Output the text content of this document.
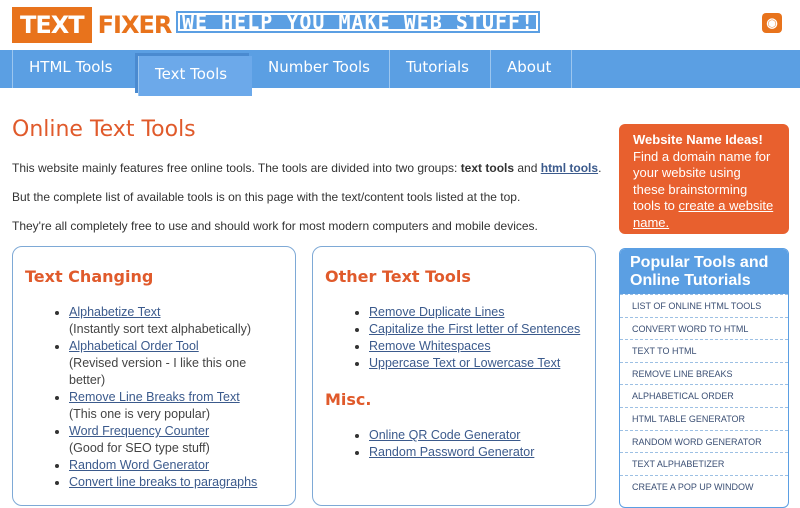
TEXT FIXER WE HELP YOU MAKE WEB STUFF!	◉
HTML Tools	Text Tools	Number Tools	Tutorials	About
Online Text Tools
This website mainly features free online tools. The tools are divided into two groups: text tools and html tools.
But the complete list of available tools is on this page with the text/content tools listed at the top.
They're all completely free to use and should work for most modern computers and mobile devices.
Text Changing
• Alphabetize Text
(Instantly sort text alphabetically)
• Alphabetical Order Tool
(Revised version - I like this one better)
• Remove Line Breaks from Text
(This one is very popular)
• Word Frequency Counter
(Good for SEO type stuff)
• Random Word Generator
• Convert line breaks to paragraphs
Other Text Tools
• Remove Duplicate Lines
• Capitalize the First letter of Sentences
• Remove Whitespaces
• Uppercase Text or Lowercase Text
Misc.
• Online QR Code Generator
• Random Password Generator
Website Name Ideas!
Find a domain name for your website using these brainstorming tools to create a website name.
Popular Tools and Online Tutorials
LIST OF ONLINE HTML TOOLS
CONVERT WORD TO HTML
TEXT TO HTML
REMOVE LINE BREAKS
ALPHABETICAL ORDER
HTML TABLE GENERATOR
RANDOM WORD GENERATOR
TEXT ALPHABETIZER
CREATE A POP UP WINDOW
